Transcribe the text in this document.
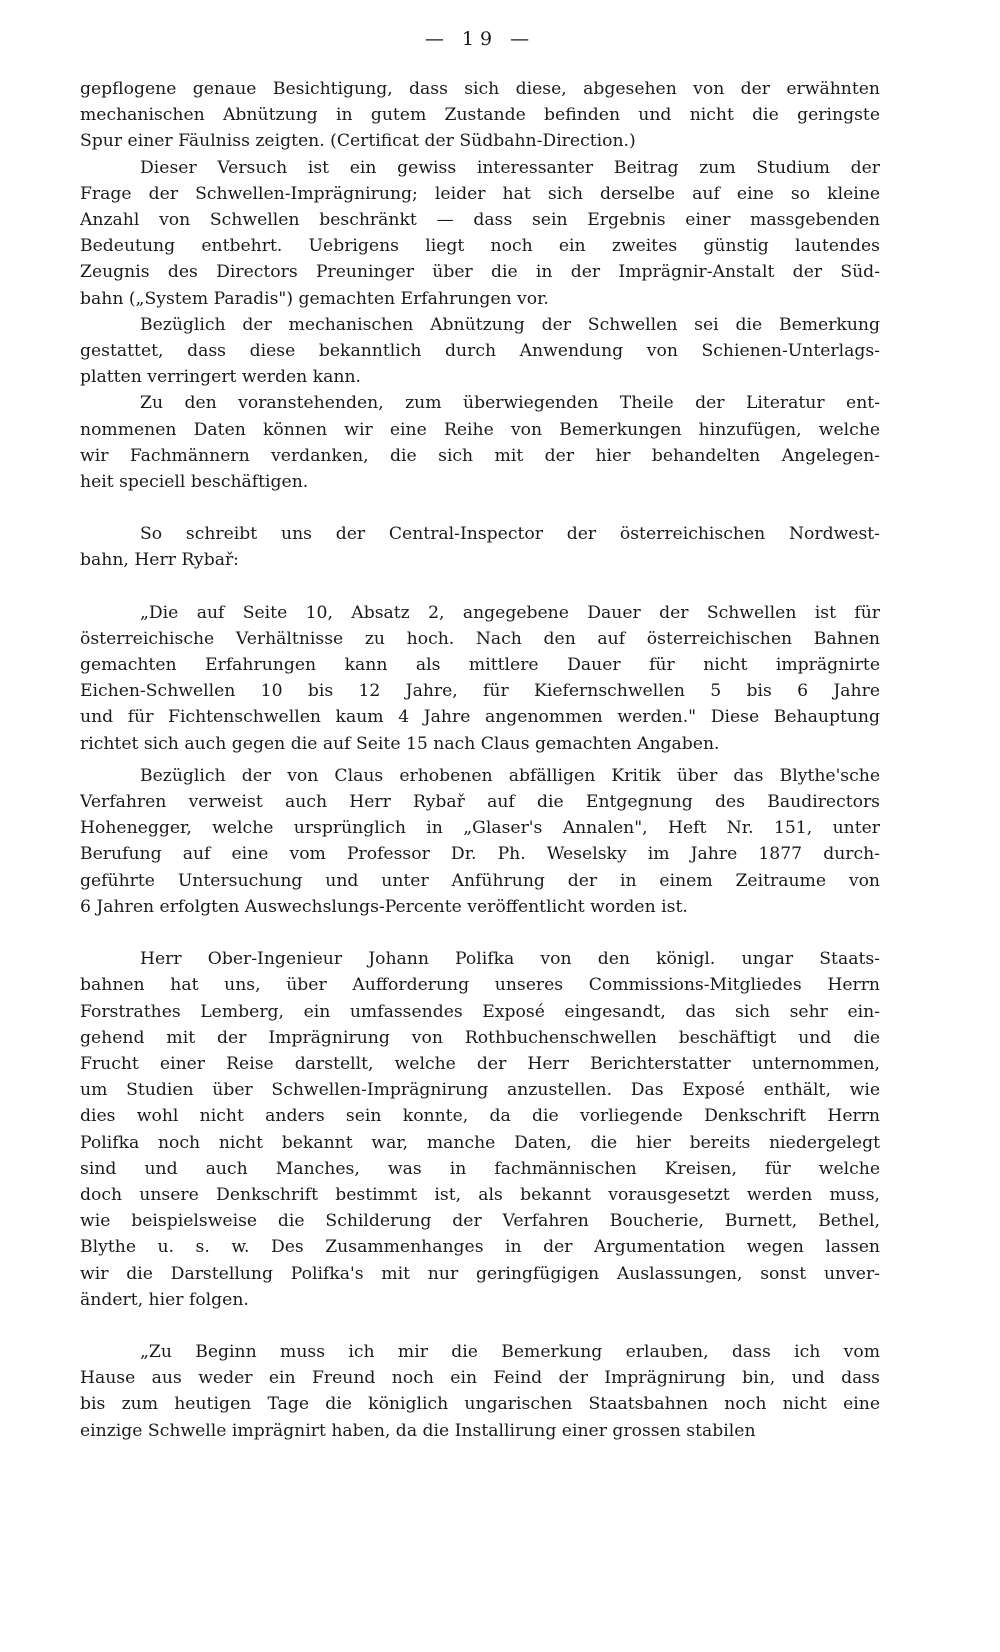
— 19 —
gepflogene genaue Besichtigung, dass sich diese, abgesehen von der erwähnten
mechanischen Abnützung in gutem Zustande befinden und nicht die geringste
Spur einer Fäulniss zeigten. (Certificat der Südbahn-Direction.)
Dieser Versuch ist ein gewiss interessanter Beitrag zum Studium der
Frage der Schwellen-Imprägnirung; leider hat sich derselbe auf eine so kleine
Anzahl von Schwellen beschränkt — dass sein Ergebnis einer massgebenden
Bedeutung entbehrt. Uebrigens liegt noch ein zweites günstig lautendes
Zeugnis des Directors Preuninger über die in der Imprägnir-Anstalt der Süd-
bahn („System Paradis") gemachten Erfahrungen vor.
Bezüglich der mechanischen Abnützung der Schwellen sei die Bemerkung
gestattet, dass diese bekanntlich durch Anwendung von Schienen-Unterlags-
platten verringert werden kann.
Zu den voranstehenden, zum überwiegenden Theile der Literatur ent-
nommenen Daten können wir eine Reihe von Bemerkungen hinzufügen, welche
wir Fachmännern verdanken, die sich mit der hier behandelten Angelegen-
heit speciell beschäftigen.
So schreibt uns der Central-Inspector der österreichischen Nordwest-
bahn, Herr Rybař:
„Die auf Seite 10, Absatz 2, angegebene Dauer der Schwellen ist für
österreichische Verhältnisse zu hoch. Nach den auf österreichischen Bahnen
gemachten Erfahrungen kann als mittlere Dauer für nicht imprägnirte
Eichen-Schwellen 10 bis 12 Jahre, für Kiefernschwellen 5 bis 6 Jahre
und für Fichtenschwellen kaum 4 Jahre angenommen werden." Diese Behauptung
richtet sich auch gegen die auf Seite 15 nach Claus gemachten Angaben.
Bezüglich der von Claus erhobenen abfälligen Kritik über das Blythe'sche
Verfahren verweist auch Herr Rybař auf die Entgegnung des Baudirectors
Hohenegger, welche ursprünglich in „Glaser's Annalen", Heft Nr. 151, unter
Berufung auf eine vom Professor Dr. Ph. Weselsky im Jahre 1877 durch-
geführte Untersuchung und unter Anführung der in einem Zeitraume von
6 Jahren erfolgten Auswechslungs-Percente veröffentlicht worden ist.
Herr Ober-Ingenieur Johann Polifka von den königl. ungar Staats-
bahnen hat uns, über Aufforderung unseres Commissions-Mitgliedes Herrn
Forstrathes Lemberg, ein umfassendes Exposé eingesandt, das sich sehr ein-
gehend mit der Imprägnirung von Rothbuchenschwellen beschäftigt und die
Frucht einer Reise darstellt, welche der Herr Berichterstatter unternommen,
um Studien über Schwellen-Imprägnirung anzustellen. Das Exposé enthält, wie
dies wohl nicht anders sein konnte, da die vorliegende Denkschrift Herrn
Polifka noch nicht bekannt war, manche Daten, die hier bereits niedergelegt
sind und auch Manches, was in fachmännischen Kreisen, für welche
doch unsere Denkschrift bestimmt ist, als bekannt vorausgesetzt werden muss,
wie beispielsweise die Schilderung der Verfahren Boucherie, Burnett, Bethel,
Blythe u. s. w. Des Zusammenhanges in der Argumentation wegen lassen
wir die Darstellung Polifka's mit nur geringfügigen Auslassungen, sonst unver-
ändert, hier folgen.
„Zu Beginn muss ich mir die Bemerkung erlauben, dass ich vom
Hause aus weder ein Freund noch ein Feind der Imprägnirung bin, und dass
bis zum heutigen Tage die königlich ungarischen Staatsbahnen noch nicht eine
einzige Schwelle imprägnirt haben, da die Installirung einer grossen stabilen
